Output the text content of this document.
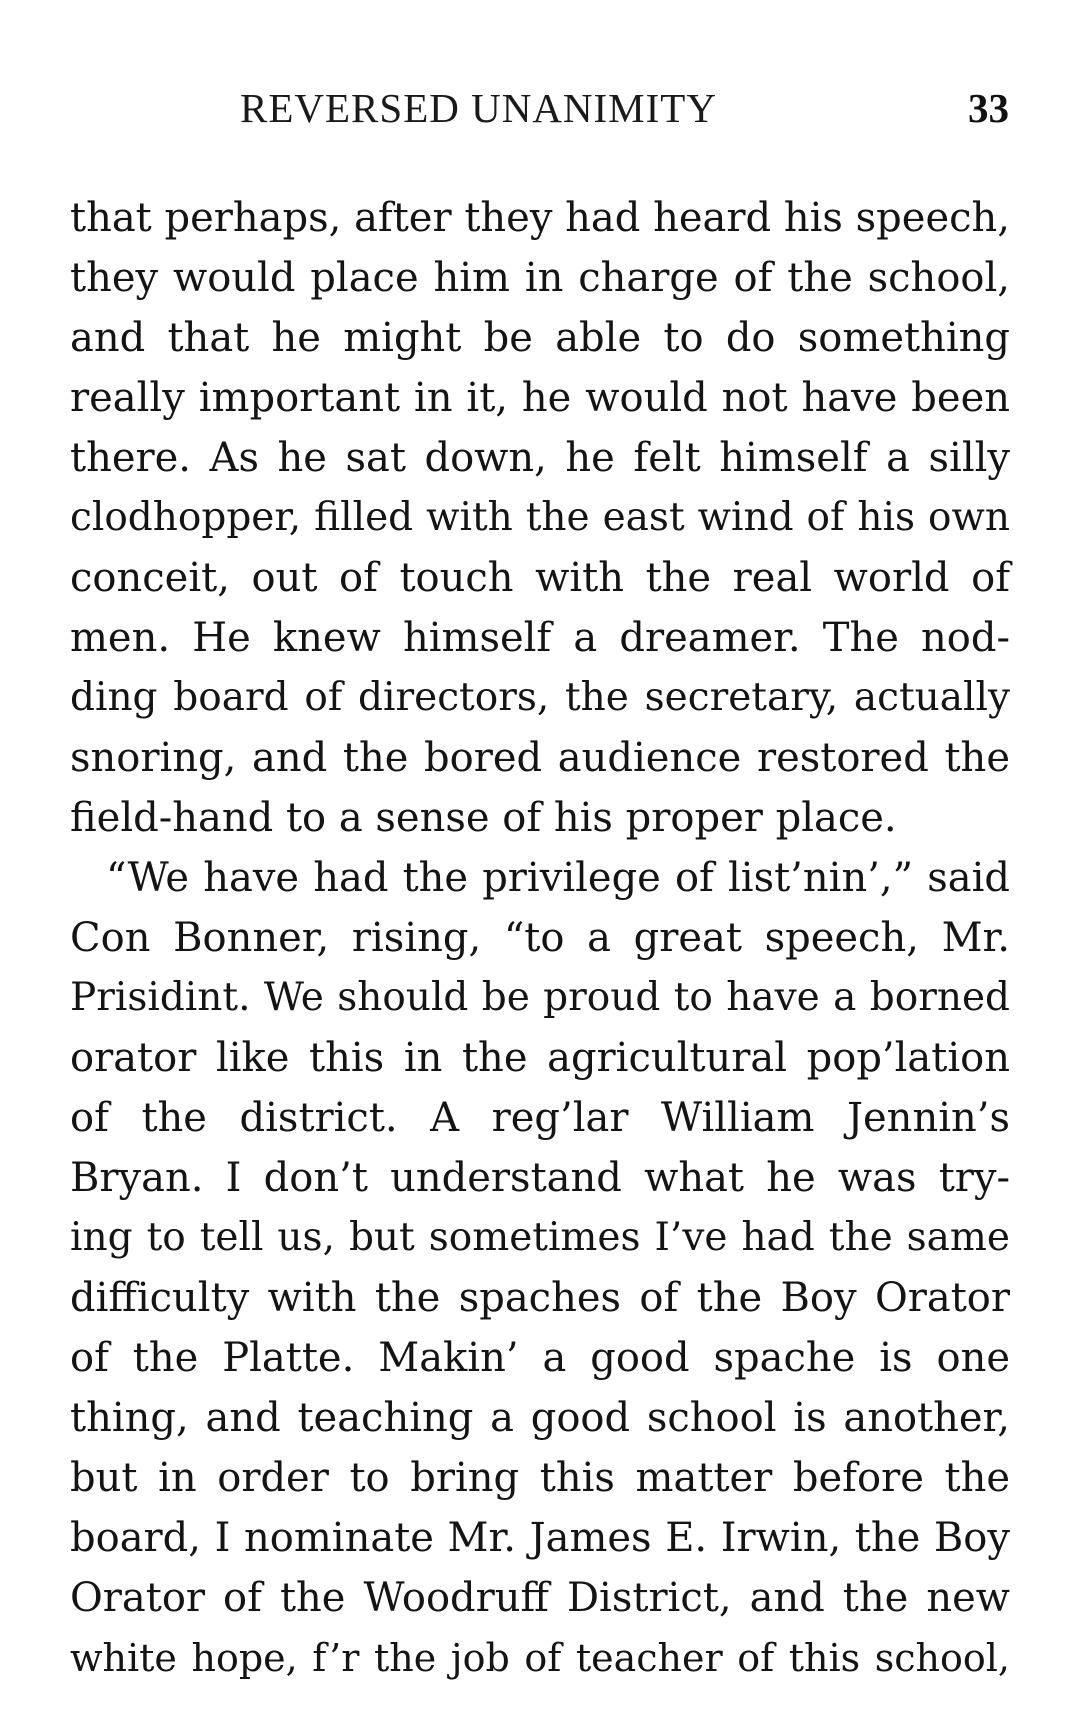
REVERSED UNANIMITY	33
that perhaps, after they had heard his speech,
they would place him in charge of the school,
and that he might be able to do something
really important in it, he would not have been
there. As he sat down, he felt himself a silly
clodhopper, filled with the east wind of his own
conceit, out of touch with the real world of
men. He knew himself a dreamer. The nod-
ding board of directors, the secretary, actually
snoring, and the bored audience restored the
field-hand to a sense of his proper place.
“We have had the privilege of list’nin’,” said
Con Bonner, rising, “to a great speech, Mr.
Prisidint. We should be proud to have a borned
orator like this in the agricultural pop’lation
of the district. A reg’lar William Jennin’s
Bryan. I don’t understand what he was try-
ing to tell us, but sometimes I’ve had the same
difficulty with the spaches of the Boy Orator
of the Platte. Makin’ a good spache is one
thing, and teaching a good school is another,
but in order to bring this matter before the
board, I nominate Mr. James E. Irwin, the Boy
Orator of the Woodruff District, and the new
white hope, f’r the job of teacher of this school,
